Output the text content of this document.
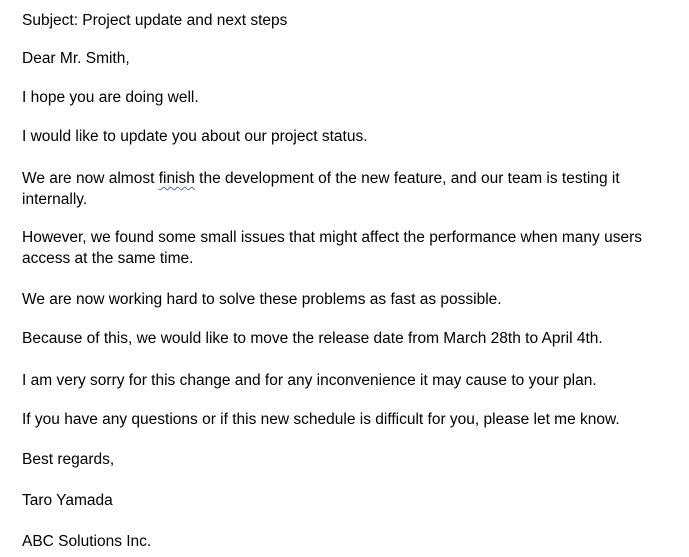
Subject: Project update and next steps
Dear Mr. Smith,
I hope you are doing well.
I would like to update you about our project status.
We are now almost finish the development of the new feature, and our team is testing it internally.
However, we found some small issues that might affect the performance when many users access at the same time.
We are now working hard to solve these problems as fast as possible.
Because of this, we would like to move the release date from March 28th to April 4th.
I am very sorry for this change and for any inconvenience it may cause to your plan.
If you have any questions or if this new schedule is difficult for you, please let me know.
Best regards,
Taro Yamada
ABC Solutions Inc.
